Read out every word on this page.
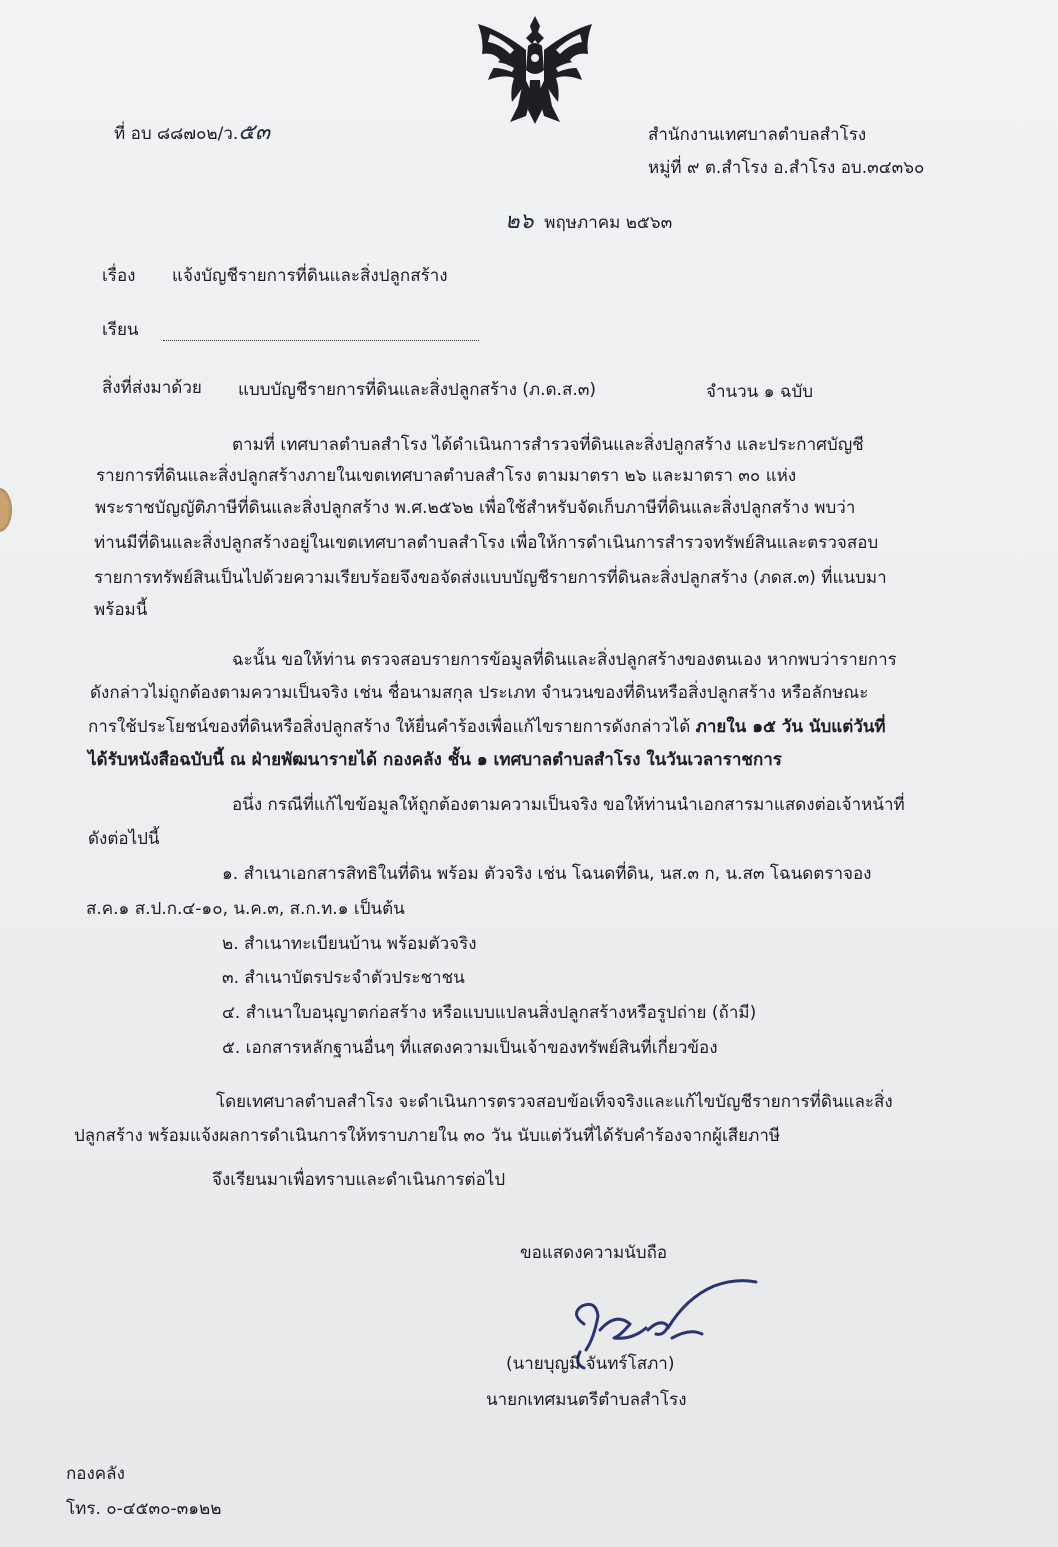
ที่ อบ ๘๘๗๐๒/ว.๕๓	สำนักงานเทศบาลตำบลสำโรง
หมู่ที่ ๙ ต.สำโรง อ.สำโรง อบ.๓๔๓๖๐
๒๖ พฤษภาคม ๒๕๖๓
เรื่อง แจ้งบัญชีรายการที่ดินและสิ่งปลูกสร้าง
เรียน
สิ่งที่ส่งมาด้วย แบบบัญชีรายการที่ดินและสิ่งปลูกสร้าง (ภ.ด.ส.๓)	จำนวน ๑ ฉบับ
ตามที่ เทศบาลตำบลสำโรง ได้ดำเนินการสำรวจที่ดินและสิ่งปลูกสร้าง และประกาศบัญชี
รายการที่ดินและสิ่งปลูกสร้างภายในเขตเทศบาลตำบลสำโรง ตามมาตรา ๒๖ และมาตรา ๓๐ แห่ง
พระราชบัญญัติภาษีที่ดินและสิ่งปลูกสร้าง พ.ศ.๒๕๖๒ เพื่อใช้สำหรับจัดเก็บภาษีที่ดินและสิ่งปลูกสร้าง พบว่า
ท่านมีที่ดินและสิ่งปลูกสร้างอยู่ในเขตเทศบาลตำบลสำโรง เพื่อให้การดำเนินการสำรวจทรัพย์สินและตรวจสอบ
รายการทรัพย์สินเป็นไปด้วยความเรียบร้อยจึงขอจัดส่งแบบบัญชีรายการที่ดินละสิ่งปลูกสร้าง (ภดส.๓) ที่แนบมา
พร้อมนี้
ฉะนั้น ขอให้ท่าน ตรวจสอบรายการข้อมูลที่ดินและสิ่งปลูกสร้างของตนเอง หากพบว่ารายการ
ดังกล่าวไม่ถูกต้องตามความเป็นจริง เช่น ชื่อนามสกุล ประเภท จำนวนของที่ดินหรือสิ่งปลูกสร้าง หรือลักษณะ
การใช้ประโยชน์ของที่ดินหรือสิ่งปลูกสร้าง ให้ยื่นคำร้องเพื่อแก้ไขรายการดังกล่าวได้ ภายใน ๑๕ วัน นับแต่วันที่
ได้รับหนังสือฉบับนี้ ณ ฝ่ายพัฒนารายได้ กองคลัง ชั้น ๑ เทศบาลตำบลสำโรง ในวันเวลาราชการ
อนึ่ง กรณีที่แก้ไขข้อมูลให้ถูกต้องตามความเป็นจริง ขอให้ท่านนำเอกสารมาแสดงต่อเจ้าหน้าที่
ดังต่อไปนี้
๑. สำเนาเอกสารสิทธิในที่ดิน พร้อม ตัวจริง เช่น โฉนดที่ดิน, นส.๓ ก, น.ส๓ โฉนดตราจอง
ส.ค.๑ ส.ป.ก.๔-๑๐, น.ค.๓, ส.ก.ท.๑ เป็นต้น
๒. สำเนาทะเบียนบ้าน พร้อมตัวจริง
๓. สำเนาบัตรประจำตัวประชาชน
๔. สำเนาใบอนุญาตก่อสร้าง หรือแบบแปลนสิ่งปลูกสร้างหรือรูปถ่าย (ถ้ามี)
๕. เอกสารหลักฐานอื่นๆ ที่แสดงความเป็นเจ้าของทรัพย์สินที่เกี่ยวข้อง
โดยเทศบาลตำบลสำโรง จะดำเนินการตรวจสอบข้อเท็จจริงและแก้ไขบัญชีรายการที่ดินและสิ่ง
ปลูกสร้าง พร้อมแจ้งผลการดำเนินการให้ทราบภายใน ๓๐ วัน นับแต่วันที่ได้รับคำร้องจากผู้เสียภาษี
จึงเรียนมาเพื่อทราบและดำเนินการต่อไป
ขอแสดงความนับถือ
(นายบุญมี จันทร์โสภา)
นายกเทศมนตรีตำบลสำโรง
กองคลัง
โทร. ๐-๔๕๓๐-๓๑๒๒
